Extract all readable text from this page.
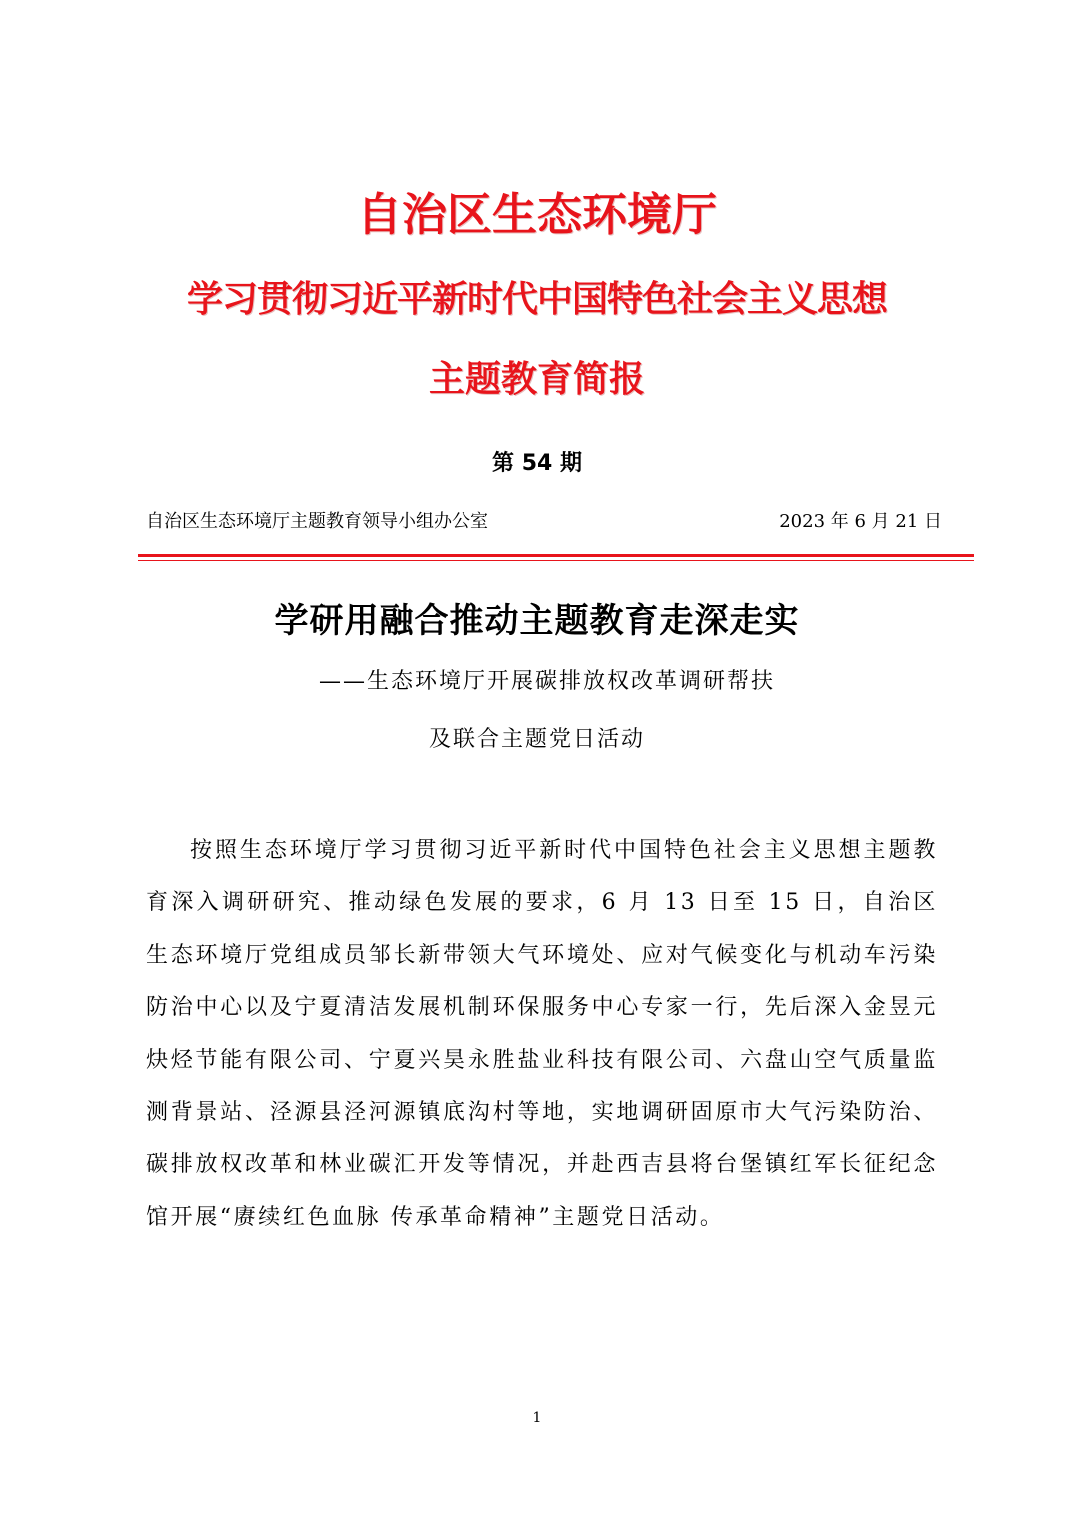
自治区生态环境厅
学习贯彻习近平新时代中国特色社会主义思想
主题教育简报
第 54 期
自治区生态环境厅主题教育领导小组办公室	2023 年 6 月 21 日
学研用融合推动主题教育走深走实
——生态环境厅开展碳排放权改革调研帮扶
及联合主题党日活动

按照生态环境厅学习贯彻习近平新时代中国特色社会主义思想主题教育深入调研研究、推动绿色发展的要求，6 月 13 日至 15 日，自治区生态环境厅党组成员邹长新带领大气环境处、应对气候变化与机动车污染防治中心以及宁夏清洁发展机制环保服务中心专家一行，先后深入金昱元炔烃节能有限公司、宁夏兴昊永胜盐业科技有限公司、六盘山空气质量监测背景站、泾源县泾河源镇底沟村等地，实地调研固原市大气污染防治、碳排放权改革和林业碳汇开发等情况，并赴西吉县将台堡镇红军长征纪念馆开展“赓续红色血脉 传承革命精神”主题党日活动。

1
